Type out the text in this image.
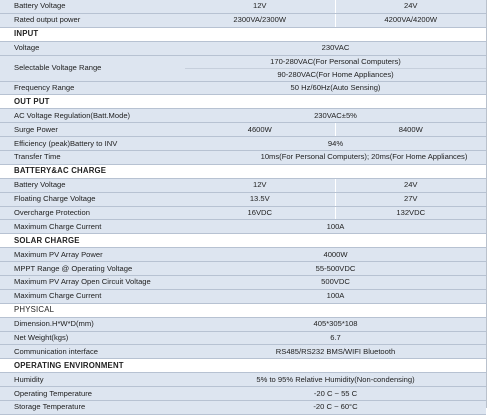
Battery Voltage	12V	24V
Rated output power	2300VA/2300W	4200VA/4200W
INPUT		
Voltage	230VAC	
Selectable Voltage Range	170-280VAC(For Personal Computers)
90-280VAC(For Home Appliances)	

Frequency Range	50 Hz/60Hz(Auto Sensing)	
OUT PUT		
AC Voltage Regulation(Batt.Mode)	230VAC±5%	
Surge Power	4600W	8400W
Efficiency (peak)Battery to INV	94%	
Transfer Time	10ms(For Personal Computers); 20ms(For Home Appliances)	
BATTERY&AC CHARGE		
Battery Voltage	12V	24V
Floating Charge Voltage	13.5V	27V
Overcharge Protection	16VDC	132VDC
Maximum Charge Current	100A	
SOLAR CHARGE		
Maximum PV Array Power	4000W	
MPPT Range @ Operating Voltage	55-500VDC	
Maximum PV Array Open Circuit Voltage	500VDC	
Maximum Charge Current	100A	
PHYSICAL		
Dimension.H*W*D(mm)	405*305*108	
Net Weight(kgs)	6.7	
Communication interface	RS485/RS232 BMS/WIFI Bluetooth	
OPERATING ENVIRONMENT		
Humidity	5% to 95% Relative Humidity(Non-condensing)	
Operating Temperature	-20 C ~ 55 C	
Storage Temperature	-20 C ~ 60°C	
